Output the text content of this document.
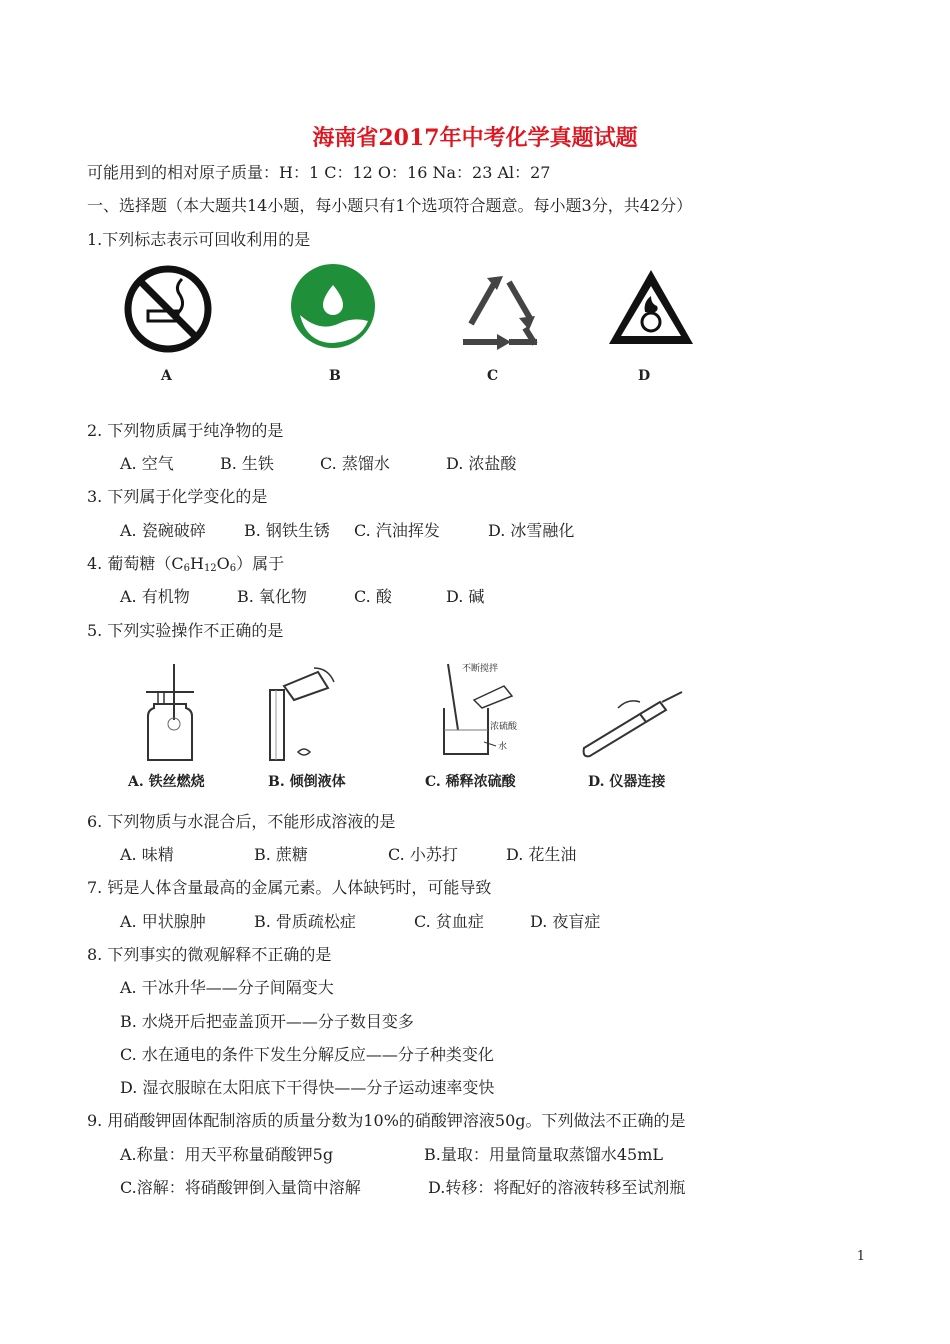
海南省2017年中考化学真题试题
可能用到的相对原子质量：H：1 C：12 O：16 Na：23 Al：27
一、选择题（本大题共14小题，每小题只有1个选项符合题意。每小题3分，共42分）
1.下列标志表示可回收利用的是
A	B	C	D
2. 下列物质属于纯净物的是
A. 空气	B. 生铁	C. 蒸馏水	D. 浓盐酸
3. 下列属于化学变化的是
A. 瓷碗破碎 B. 钢铁生锈 C. 汽油挥发	D. 冰雪融化
4. 葡萄糖$(C_6H_{12}O_6)$属于
A. 有机物	B. 氧化物	C. 酸	D. 碱
5. 下列实验操作不正确的是
不断搅拌
浓硫酸
水
A. 铁丝燃烧	B. 倾倒液体	C. 稀释浓硫酸	D. 仪器连接
6. 下列物质与水混合后，不能形成溶液的是
A. 味精	B. 蔗糖	C. 小苏打	D. 花生油
7. 钙是人体含量最高的金属元素。人体缺钙时，可能导致
A. 甲状腺肿	B. 骨质疏松症	C. 贫血症	D. 夜盲症
8. 下列事实的微观解释不正确的是
A. 干冰升华——分子间隔变大
B. 水烧开后把壶盖顶开——分子数目变多
C. 水在通电的条件下发生分解反应——分子种类变化
D. 湿衣服晾在太阳底下干得快——分子运动速率变快
9. 用硝酸钾固体配制溶质的质量分数为10%的硝酸钾溶液50g。下列做法不正确的是
A.称量：用天平称量硝酸钾5g	B.量取：用量筒量取蒸馏水45mL
C.溶解：将硝酸钾倒入量筒中溶解	D.转移：将配好的溶液转移至试剂瓶
1
